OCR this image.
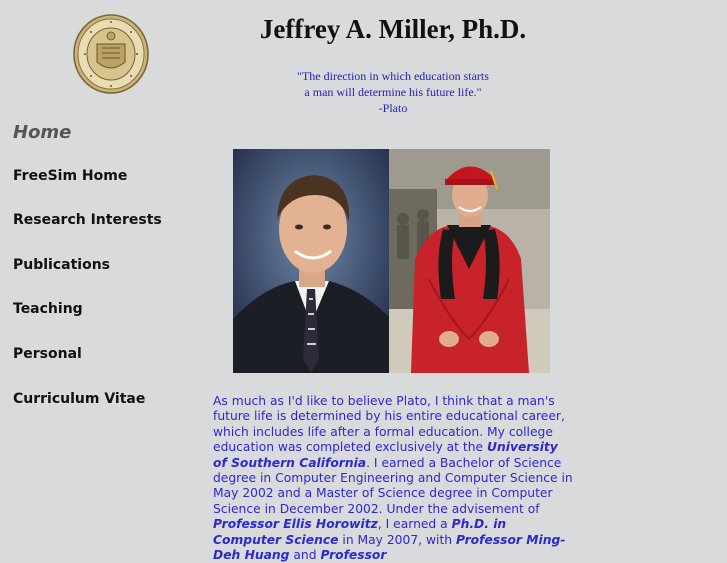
Jeffrey A. Miller, Ph.D.
"The direction in which education starts
a man will determine his future life."
-Plato
Home
FreeSim Home
Research Interests
Publications
Teaching
Personal
Curriculum Vitae	As much as I'd like to believe Plato, I think that a man's future life is determined by his entire educational career, which includes life after a formal education. My college education was completed exclusively at the University of Southern California. I earned a Bachelor of Science degree in Computer Engineering and Computer Science in May 2002 and a Master of Science degree in Computer Science in December 2002. Under the advisement of Professor Ellis Horowitz, I earned a Ph.D. in Computer Science in May 2007, with Professor Ming-Deh Huang and Professor
